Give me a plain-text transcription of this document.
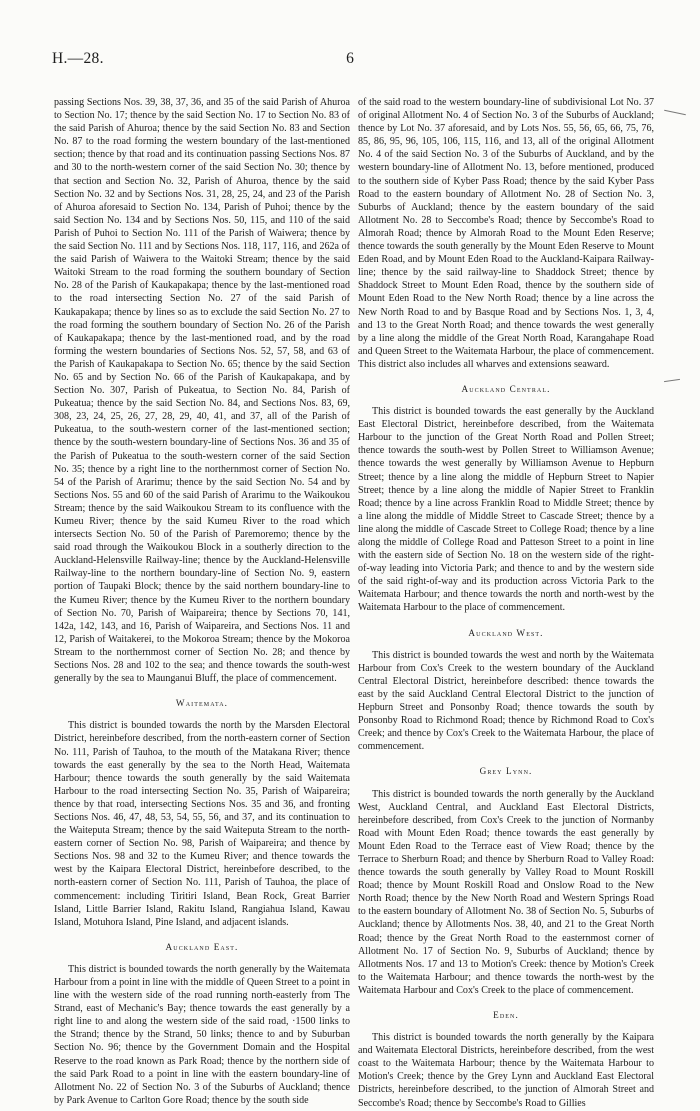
H.—28.	6

passing Sections Nos. 39, 38, 37, 36, and 35 of the said Parish of Ahuroa to Section No. 17; thence by the said Section No. 17 to Section No. 83 of the said Parish of Ahuroa; thence by the said Section No. 83 and Section No. 87 to the road forming the western boundary of the last-mentioned section; thence by that road and its continuation passing Sections Nos. 87 and 30 to the north-western corner of the said Section No. 30; thence by that section and Section No. 32, Parish of Ahuroa, thence by the said Section No. 32 and by Sections Nos. 31, 28, 25, 24, and 23 of the Parish of Ahuroa aforesaid to Section No. 134, Parish of Puhoi; thence by the said Section No. 134 and by Sections Nos. 50, 115, and 110 of the said Parish of Puhoi to Section No. 111 of the Parish of Waiwera; thence by the said Section No. 111 and by Sections Nos. 118, 117, 116, and 262a of the said Parish of Waiwera to the Waitoki Stream; thence by the said Waitoki Stream to the road forming the southern boundary of Section No. 28 of the Parish of Kaukapakapa; thence by the last-mentioned road to the road intersecting Section No. 27 of the said Parish of Kaukapakapa; thence by lines so as to exclude the said Section No. 27 to the road forming the southern boundary of Section No. 26 of the Parish of Kaukapakapa; thence by the last-mentioned road, and by the road forming the western boundaries of Sections Nos. 52, 57, 58, and 63 of the Parish of Kaukapakapa to Section No. 65; thence by the said Section No. 65 and by Section No. 66 of the Parish of Kaukapakapa, and by Section No. 307, Parish of Pukeatua, to Section No. 84, Parish of Pukeatua; thence by the said Section No. 84, and Sections Nos. 83, 69, 308, 23, 24, 25, 26, 27, 28, 29, 40, 41, and 37, all of the Parish of Pukeatua, to the south-western corner of the last-mentioned section; thence by the south-western boundary-line of Sections Nos. 36 and 35 of the Parish of Pukeatua to the south-western corner of the said Section No. 35; thence by a right line to the northernmost corner of Section No. 54 of the Parish of Ararimu; thence by the said Section No. 54 and by Sections Nos. 55 and 60 of the said Parish of Ararimu to the Waikoukou Stream; thence by the said Waikoukou Stream to its confluence with the Kumeu River; thence by the said Kumeu River to the road which intersects Section No. 50 of the Parish of Paremoremo; thence by the said road through the Waikoukou Block in a southerly direction to the Auckland-Helensville Railway-line; thence by the Auckland-Helensville Railway-line to the northern boundary-line of Section No. 9, eastern portion of Taupaki Block; thence by the said northern boundary-line to the Kumeu River; thence by the Kumeu River to the northern boundary of Section No. 70, Parish of Waipareira; thence by Sections 70, 141, 142a, 142, 143, and 16, Parish of Waipareira, and Sections Nos. 11 and 12, Parish of Waitakerei, to the Mokoroa Stream; thence by the Mokoroa Stream to the northernmost corner of Section No. 28; and thence by Sections Nos. 28 and 102 to the sea; and thence towards the south-west generally by the sea to Maunganui Bluff, the place of commencement.

Waitemata.

This district is bounded towards the north by the Marsden Electoral District, hereinbefore described, from the north-eastern corner of Section No. 111, Parish of Tauhoa, to the mouth of the Matakana River; thence towards the east generally by the sea to the North Head, Waitemata Harbour; thence towards the south generally by the said Waitemata Harbour to the road intersecting Section No. 35, Parish of Waipareira; thence by that road, intersecting Sections Nos. 35 and 36, and fronting Sections Nos. 46, 47, 48, 53, 54, 55, 56, and 37, and its continuation to the Waiteputa Stream; thence by the said Waiteputa Stream to the north-eastern corner of Section No. 98, Parish of Waipareira; and thence by Sections Nos. 98 and 32 to the Kumeu River; and thence towards the west by the Kaipara Electoral District, hereinbefore described, to the north-eastern corner of Section No. 111, Parish of Tauhoa, the place of commencement: including Tiritiri Island, Bean Rock, Great Barrier Island, Little Barrier Island, Rakitu Island, Rangiahua Island, Kawau Island, Motuhora Island, Pine Island, and adjacent islands.

Auckland East.

This district is bounded towards the north generally by the Waitemata Harbour from a point in line with the middle of Queen Street to a point in line with the western side of the road running north-easterly from The Strand, east of Mechanic's Bay; thence towards the east generally by a right line to and along the western side of the said road, ·1500 links to the Strand; thence by the Strand, 50 links; thence to and by Suburban Section No. 96; thence by the Government Domain and the Hospital Reserve to the road known as Park Road; thence by the northern side of the said Park Road to a point in line with the eastern boundary-line of Allotment No. 22 of Section No. 3 of the Suburbs of Auckland; thence by Park Avenue to Carlton Gore Road; thence by the south side

of the said road to the western boundary-line of subdivisional Lot No. 37 of original Allotment No. 4 of Section No. 3 of the Suburbs of Auckland; thence by Lot No. 37 aforesaid, and by Lots Nos. 55, 56, 65, 66, 75, 76, 85, 86, 95, 96, 105, 106, 115, 116, and 13, all of the original Allotment No. 4 of the said Section No. 3 of the Suburbs of Auckland, and by the western boundary-line of Allotment No. 13, before mentioned, produced to the southern side of Kyber Pass Road; thence by the said Kyber Pass Road to the eastern boundary of Allotment No. 28 of Section No. 3, Suburbs of Auckland; thence by the eastern boundary of the said Allotment No. 28 to Seccombe's Road; thence by Seccombe's Road to Almorah Road; thence by Almorah Road to the Mount Eden Reserve; thence towards the south generally by the Mount Eden Reserve to Mount Eden Road, and by Mount Eden Road to the Auckland-Kaipara Railway-line; thence by the said railway-line to Shaddock Street; thence by Shaddock Street to Mount Eden Road, thence by the southern side of Mount Eden Road to the New North Road; thence by a line across the New North Road to and by Basque Road and by Sections Nos. 1, 3, 4, and 13 to the Great North Road; and thence towards the west generally by a line along the middle of the Great North Road, Karangahape Road and Queen Street to the Waitemata Harbour, the place of commencement. This district also includes all wharves and extensions seaward.

Auckland Central.

This district is bounded towards the east generally by the Auckland East Electoral District, hereinbefore described, from the Waitemata Harbour to the junction of the Great North Road and Pollen Street; thence towards the south-west by Pollen Street to Williamson Avenue; thence towards the west generally by Williamson Avenue to Hepburn Street; thence by a line along the middle of Hepburn Street to Napier Street; thence by a line along the middle of Napier Street to Franklin Road; thence by a line across Franklin Road to Middle Street; thence by a line along the middle of Middle Street to Cascade Street; thence by a line along the middle of Cascade Street to College Road; thence by a line along the middle of College Road and Patteson Street to a point in line with the eastern side of Section No. 18 on the western side of the right-of-way leading into Victoria Park; and thence to and by the western side of the said right-of-way and its production across Victoria Park to the Waitemata Harbour; and thence towards the north and north-west by the Waitemata Harbour to the place of commencement.

Auckland West.

This district is bounded towards the west and north by the Waitemata Harbour from Cox's Creek to the western boundary of the Auckland Central Electoral District, hereinbefore described: thence towards the east by the said Auckland Central Electoral District to the junction of Hepburn Street and Ponsonby Road; thence towards the south by Ponsonby Road to Richmond Road; thence by Richmond Road to Cox's Creek; and thence by Cox's Creek to the Waitemata Harbour, the place of commencement.

Grey Lynn.

This district is bounded towards the north generally by the Auckland West, Auckland Central, and Auckland East Electoral Districts, hereinbefore described, from Cox's Creek to the junction of Normanby Road with Mount Eden Road; thence towards the east generally by Mount Eden Road to the Terrace east of View Road; thence by the Terrace to Sherburn Road; and thence by Sherburn Road to Valley Road: thence towards the south generally by Valley Road to Mount Roskill Road; thence by Mount Roskill Road and Onslow Road to the New North Road; thence by the New North Road and Western Springs Road to the eastern boundary of Allotment No. 38 of Section No. 5, Suburbs of Auckland; thence by Allotments Nos. 38, 40, and 21 to the Great North Road; thence by the Great North Road to the easternmost corner of Allotment No. 17 of Section No. 9, Suburbs of Auckland; thence by Allotments Nos. 17 and 13 to Motion's Creek: thence by Motion's Creek to the Waitemata Harbour; and thence towards the north-west by the Waitemata Harbour and Cox's Creek to the place of commencement.

Eden.

This district is bounded towards the north generally by the Kaipara and Waitemata Electoral Districts, hereinbefore described, from the west coast to the Waitemata Harbour; thence by the Waitemata Harbour to Motion's Creek; thence by the Grey Lynn and Auckland East Electoral Districts, hereinbefore described, to the junction of Almorah Street and Seccombe's Road; thence by Seccombe's Road to Gillies
